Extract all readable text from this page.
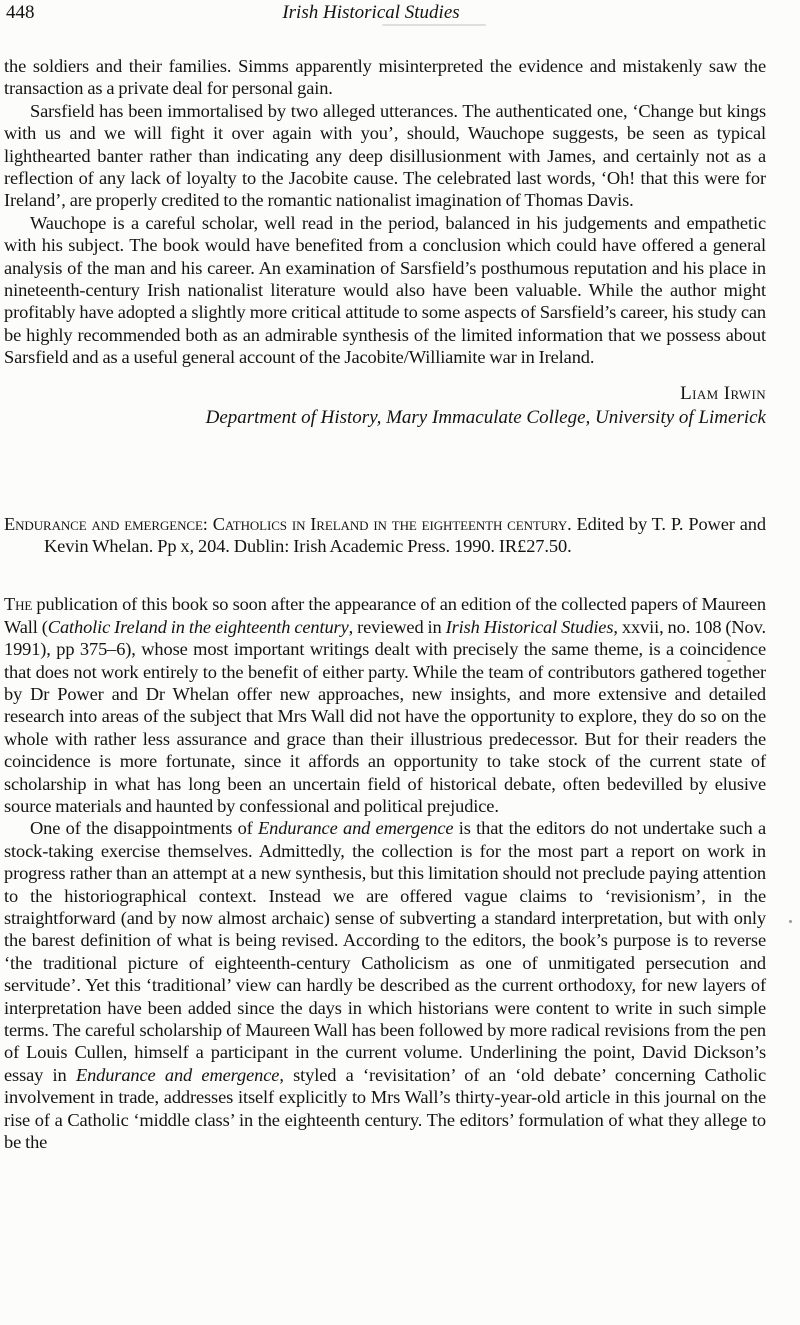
448	Irish Historical Studies

the soldiers and their families. Simms apparently misinterpreted the evidence and mistakenly saw the transaction as a private deal for personal gain.

Sarsfield has been immortalised by two alleged utterances. The authenticated one, ‘Change but kings with us and we will fight it over again with you’, should, Wauchope suggests, be seen as typical lighthearted banter rather than indicating any deep disillusionment with James, and certainly not as a reflection of any lack of loyalty to the Jacobite cause. The celebrated last words, ‘Oh! that this were for Ireland’, are properly credited to the romantic nationalist imagination of Thomas Davis.

Wauchope is a careful scholar, well read in the period, balanced in his judgements and empathetic with his subject. The book would have benefited from a conclusion which could have offered a general analysis of the man and his career. An examination of Sarsfield’s posthumous reputation and his place in nineteenth-century Irish nationalist literature would also have been valuable. While the author might profitably have adopted a slightly more critical attitude to some aspects of Sarsfield’s career, his study can be highly recommended both as an admirable synthesis of the limited information that we possess about Sarsfield and as a useful general account of the Jacobite/Williamite war in Ireland.

Liam Irwin

Department of History, Mary Immaculate College, University of Limerick

Endurance and emergence: Catholics in Ireland in the eighteenth century. Edited by T. P. Power and Kevin Whelan. Pp x, 204. Dublin: Irish Academic Press. 1990. IR£27.50.

The publication of this book so soon after the appearance of an edition of the collected papers of Maureen Wall (Catholic Ireland in the eighteenth century, reviewed in Irish Historical Studies, xxvii, no. 108 (Nov. 1991), pp 375–6), whose most important writings dealt with precisely the same theme, is a coincidence that does not work entirely to the benefit of either party. While the team of contributors gathered together by Dr Power and Dr Whelan offer new approaches, new insights, and more extensive and detailed research into areas of the subject that Mrs Wall did not have the opportunity to explore, they do so on the whole with rather less assurance and grace than their illustrious predecessor. But for their readers the coincidence is more fortunate, since it affords an opportunity to take stock of the current state of scholarship in what has long been an uncertain field of historical debate, often bedevilled by elusive source materials and haunted by confessional and political prejudice.

One of the disappointments of Endurance and emergence is that the editors do not undertake such a stock-taking exercise themselves. Admittedly, the collection is for the most part a report on work in progress rather than an attempt at a new synthesis, but this limitation should not preclude paying attention to the historiographical context. Instead we are offered vague claims to ‘revisionism’, in the straightforward (and by now almost archaic) sense of subverting a standard interpretation, but with only the barest definition of what is being revised. According to the editors, the book’s purpose is to reverse ‘the traditional picture of eighteenth-century Catholicism as one of unmitigated persecution and servitude’. Yet this ‘traditional’ view can hardly be described as the current orthodoxy, for new layers of interpretation have been added since the days in which historians were content to write in such simple terms. The careful scholarship of Maureen Wall has been followed by more radical revisions from the pen of Louis Cullen, himself a participant in the current volume. Underlining the point, David Dickson’s essay in Endurance and emergence, styled a ‘revisitation’ of an ‘old debate’ concerning Catholic involvement in trade, addresses itself explicitly to Mrs Wall’s thirty-year-old article in this journal on the rise of a Catholic ‘middle class’ in the eighteenth century. The editors’ formulation of what they allege to be the
